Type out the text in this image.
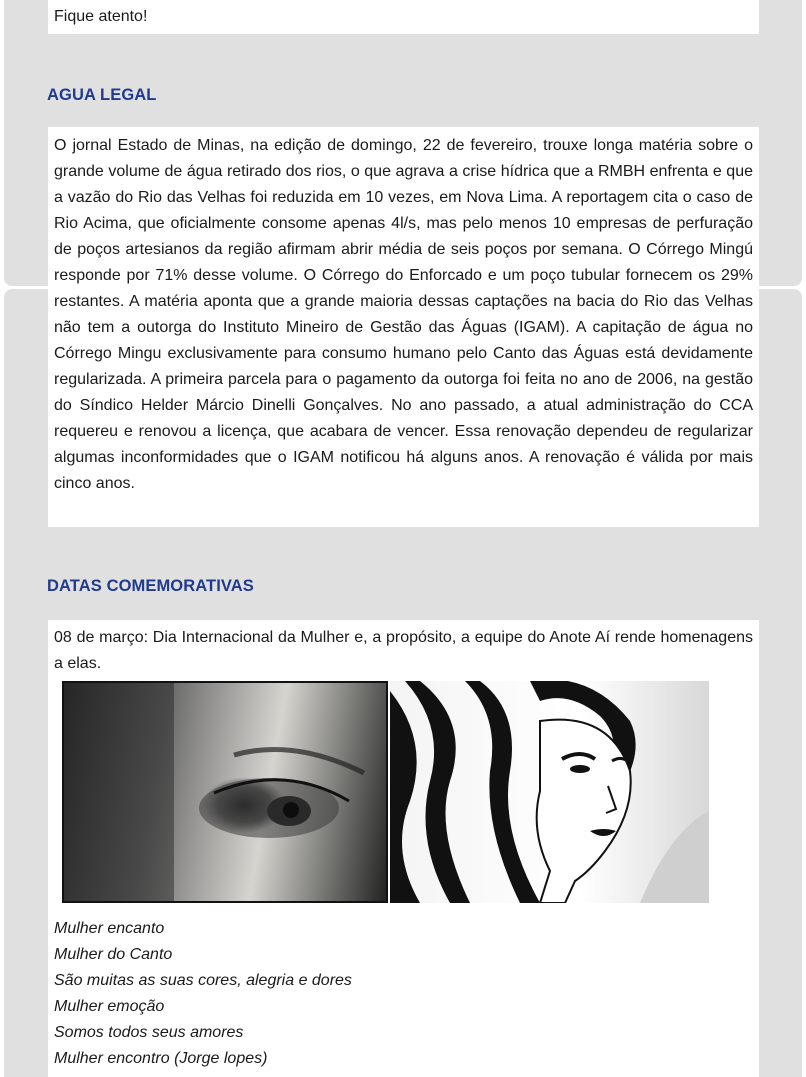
Fique atento!
AGUA LEGAL

O jornal Estado de Minas, na edição de domingo, 22 de fevereiro, trouxe longa matéria sobre o grande volume de água retirado dos rios, o que agrava a crise hídrica que a RMBH enfrenta e que a vazão do Rio das Velhas foi reduzida em 10 vezes, em Nova Lima. A reportagem cita o caso de Rio Acima, que oficialmente consome apenas 4l/s, mas pelo menos 10 empresas de perfuração de poços artesianos da região afirmam abrir média de seis poços por semana. O Córrego Mingú responde por 71% desse volume. O Córrego do Enforcado e um poço tubular fornecem os 29% restantes. A matéria aponta que a grande maioria dessas captações na bacia do Rio das Velhas não tem a outorga do Instituto Mineiro de Gestão das Águas (IGAM). A capitação de água no Córrego Mingu exclusivamente para consumo humano pelo Canto das Águas está devidamente regularizada. A primeira parcela para o pagamento da outorga foi feita no ano de 2006, na gestão do Síndico Helder Márcio Dinelli Gonçalves. No ano passado, a atual administração do CCA requereu e renovou a licença, que acabara de vencer. Essa renovação dependeu de regularizar algumas inconformidades que o IGAM notificou há alguns anos. A renovação é válida por mais cinco anos.

DATAS COMEMORATIVAS

08 de março: Dia Internacional da Mulher e, a propósito, a equipe do Anote Aí rende homenagens a elas.

Mulher encanto
Mulher do Canto
São muitas as suas cores, alegria e dores
Mulher emoção
Somos todos seus amores
Mulher encontro (Jorge lopes)
